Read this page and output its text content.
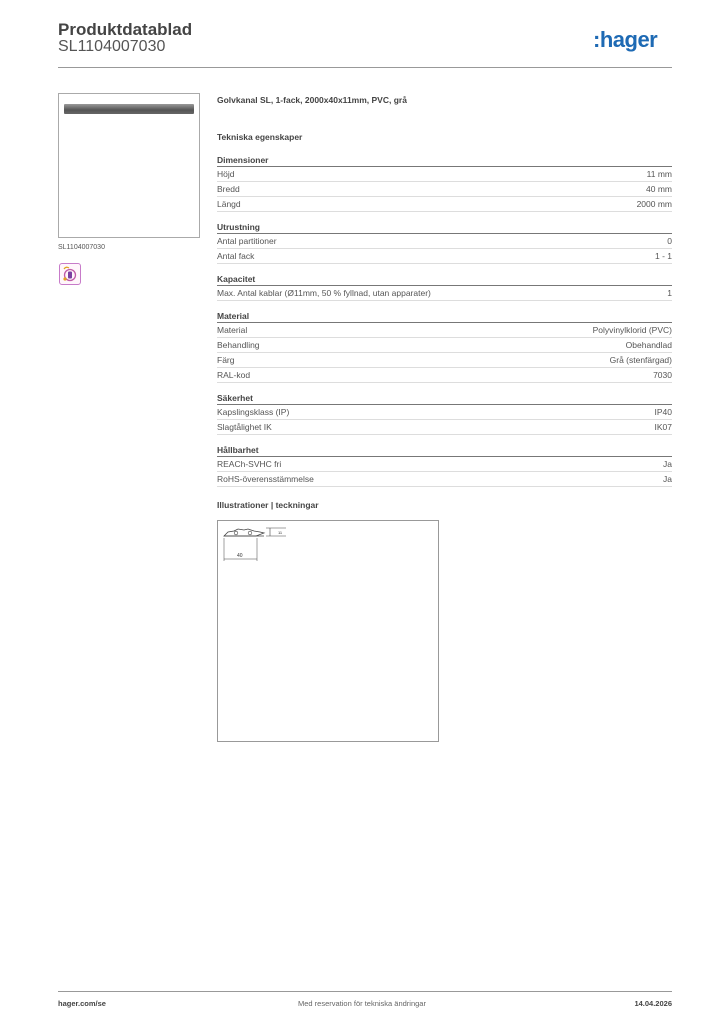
Produktdatablad
SL1104007030	:hager
SL1104007030
Golvkanal SL, 1-fack, 2000x40x11mm, PVC, grå
Tekniska egenskaper
Dimensioner
Höjd	11 mm
Bredd	40 mm
Längd	2000 mm
Utrustning
Antal partitioner	0
Antal fack	1 - 1
Kapacitet
Max. Antal kablar (Ø11mm, 50 % fyllnad, utan apparater)	1
Material
Material	Polyvinylklorid (PVC)
Behandling	Obehandlad
Färg	Grå (stenfärgad)
RAL-kod	7030
Säkerhet
Kapslingsklass (IP)	IP40
Slagtålighet IK	IK07
Hållbarhet
REACh-SVHC fri	Ja
RoHS-överensstämmelse	Ja
Illustrationer | teckningar
11
40
hager.com/se	Med reservation för tekniska ändringar	14.04.2026
